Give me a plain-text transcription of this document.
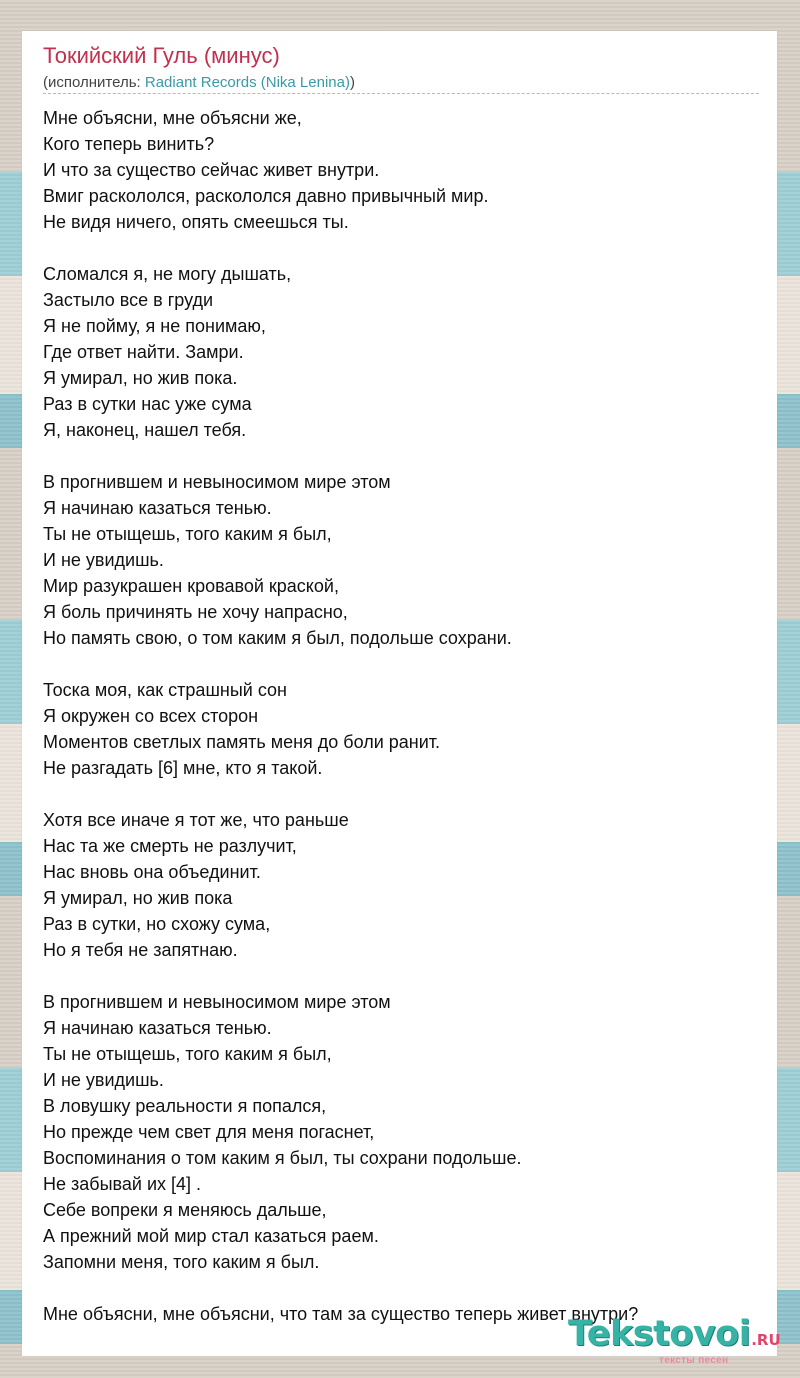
Токийский Гуль (минус)
(исполнитель: Radiant Records (Nika Lenina))
Мне объясни, мне объясни же,
Кого теперь винить?
И что за существо сейчас живет внутри.
Вмиг раскололся, раскололся давно привычный мир.
Не видя ничего, опять смеешься ты.
Сломался я, не могу дышать,
Застыло все в груди
Я не пойму, я не понимаю,
Где ответ найти. Замри.
Я умирал, но жив пока.
Раз в сутки нас уже сума
Я, наконец, нашел тебя.
В прогнившем и невыносимом мире этом
Я начинаю казаться тенью.
Ты не отыщешь, того каким я был,
И не увидишь.
Мир разукрашен кровавой краской,
Я боль причинять не хочу напрасно,
Но память свою, о том каким я был, подольше сохрани.
Тоска моя, как страшный сон
Я окружен со всех сторон
Моментов светлых память меня до боли ранит.
Не разгадать [6] мне, кто я такой.
Хотя все иначе я тот же, что раньше
Нас та же смерть не разлучит,
Нас вновь она объединит.
Я умирал, но жив пока
Раз в сутки, но схожу сума,
Но я тебя не запятнаю.
В прогнившем и невыносимом мире этом
Я начинаю казаться тенью.
Ты не отыщешь, того каким я был,
И не увидишь.
В ловушку реальности я попался,
Но прежде чем свет для меня погаснет,
Воспоминания о том каким я был, ты сохрани подольше.
Не забывай их [4] .
Себе вопреки я меняюсь дальше,
А прежний мой мир стал казаться раем.
Запомни меня, того каким я был.
Мне объясни, мне объясни, что там за существо теперь живет внутри?
Tekstovoi.RU
тексты песен
